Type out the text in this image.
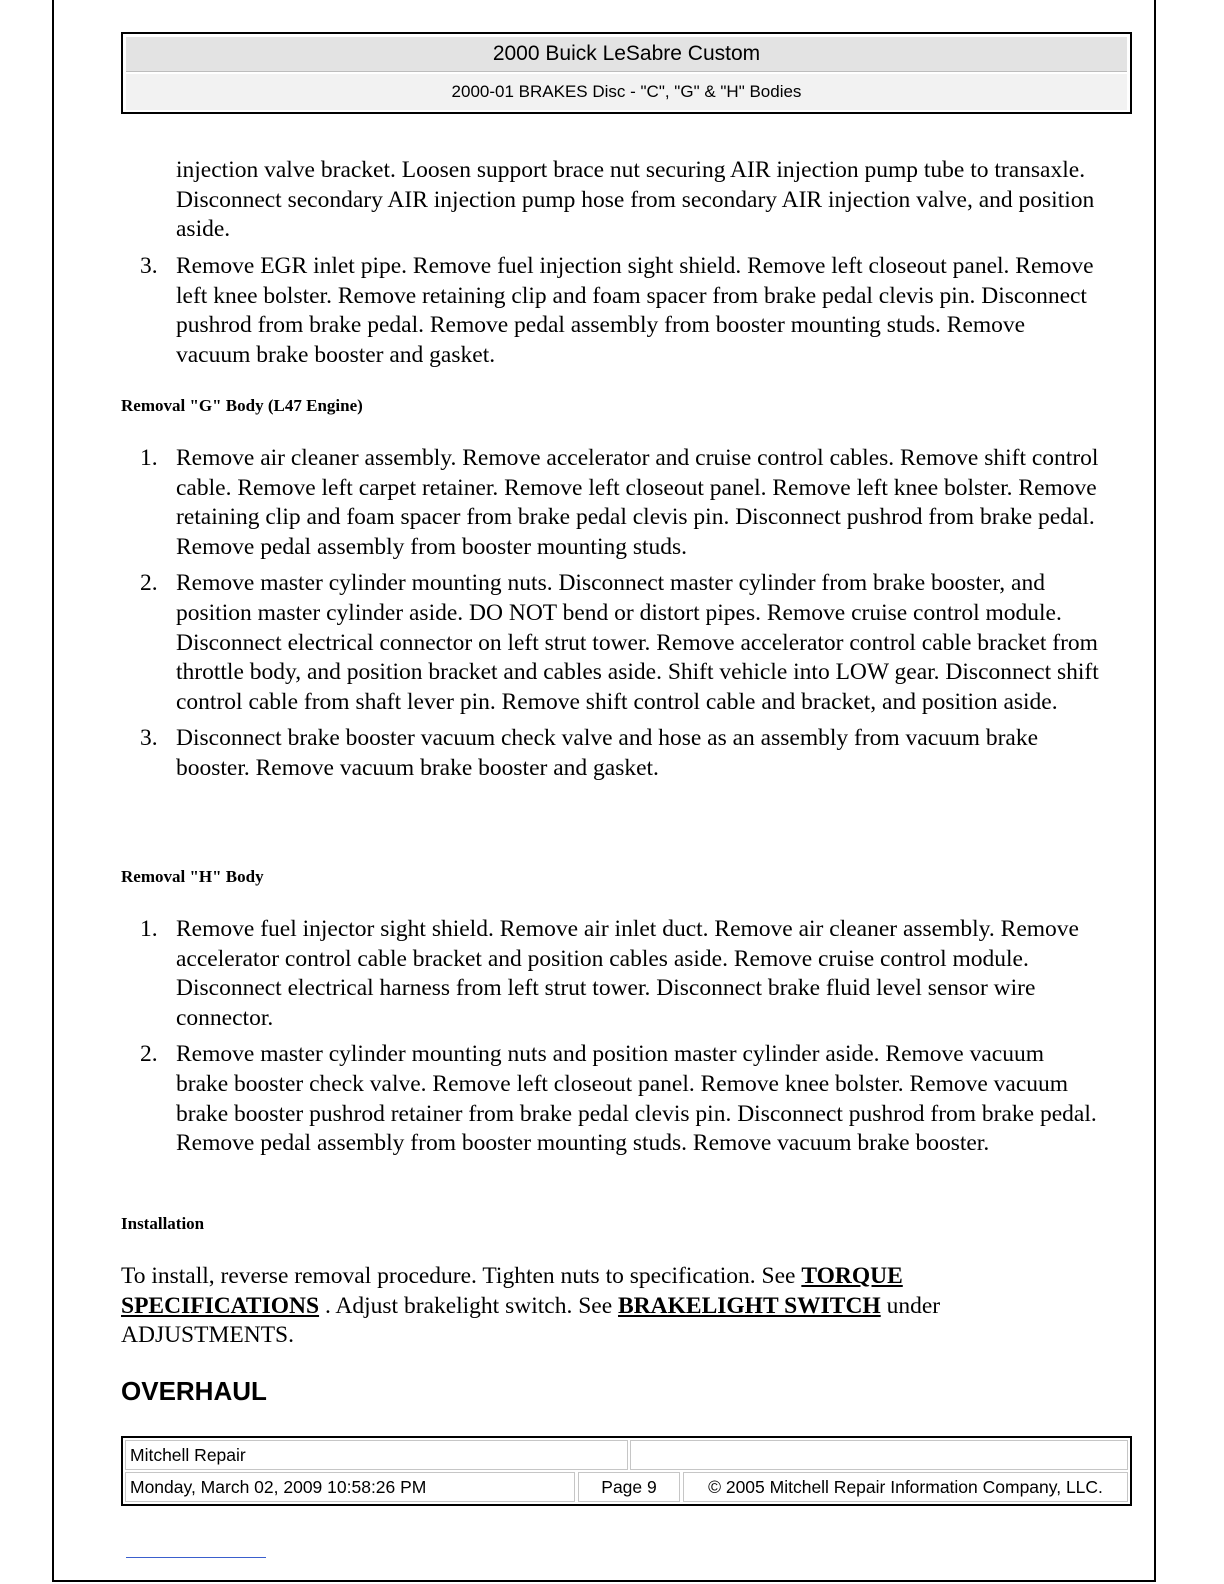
2000 Buick LeSabre Custom
2000-01 BRAKES Disc - "C", "G" & "H" Bodies

injection valve bracket. Loosen support brace nut securing AIR injection pump tube to transaxle. Disconnect secondary AIR injection pump hose from secondary AIR injection valve, and position aside.

3. Remove EGR inlet pipe. Remove fuel injection sight shield. Remove left closeout panel. Remove left knee bolster. Remove retaining clip and foam spacer from brake pedal clevis pin. Disconnect pushrod from brake pedal. Remove pedal assembly from booster mounting studs. Remove vacuum brake booster and gasket.
Removal "G" Body (L47 Engine)
1. Remove air cleaner assembly. Remove accelerator and cruise control cables. Remove shift control cable. Remove left carpet retainer. Remove left closeout panel. Remove left knee bolster. Remove retaining clip and foam spacer from brake pedal clevis pin. Disconnect pushrod from brake pedal. Remove pedal assembly from booster mounting studs.
2. Remove master cylinder mounting nuts. Disconnect master cylinder from brake booster, and position master cylinder aside. DO NOT bend or distort pipes. Remove cruise control module. Disconnect electrical connector on left strut tower. Remove accelerator control cable bracket from throttle body, and position bracket and cables aside. Shift vehicle into LOW gear. Disconnect shift control cable from shaft lever pin. Remove shift control cable and bracket, and position aside.
3. Disconnect brake booster vacuum check valve and hose as an assembly from vacuum brake booster. Remove vacuum brake booster and gasket.
Removal "H" Body
1. Remove fuel injector sight shield. Remove air inlet duct. Remove air cleaner assembly. Remove accelerator control cable bracket and position cables aside. Remove cruise control module. Disconnect electrical harness from left strut tower. Disconnect brake fluid level sensor wire connector.
2. Remove master cylinder mounting nuts and position master cylinder aside. Remove vacuum brake booster check valve. Remove left closeout panel. Remove knee bolster. Remove vacuum brake booster pushrod retainer from brake pedal clevis pin. Disconnect pushrod from brake pedal. Remove pedal assembly from booster mounting studs. Remove vacuum brake booster.
Installation

To install, reverse removal procedure. Tighten nuts to specification. See TORQUE SPECIFICATIONS . Adjust brakelight switch. See BRAKELIGHT SWITCH under ADJUSTMENTS.

OVERHAUL
Mitchell Repair
Monday, March 02, 2009 10:58:26 PM	Page 9	© 2005 Mitchell Repair Information Company, LLC.
